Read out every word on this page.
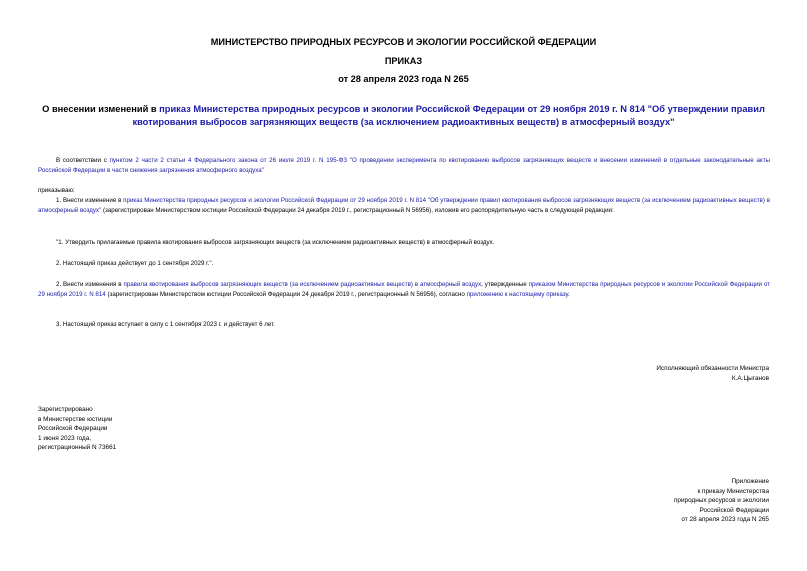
МИНИСТЕРСТВО ПРИРОДНЫХ РЕСУРСОВ И ЭКОЛОГИИ РОССИЙСКОЙ ФЕДЕРАЦИИ
ПРИКАЗ
от 28 апреля 2023 года N 265
О внесении изменений в приказ Министерства природных ресурсов и экологии Российской Федерации от 29 ноября 2019 г. N 814 "Об утверждении правил квотирования выбросов загрязняющих веществ (за исключением радиоактивных веществ) в атмосферный воздух"
В соответствии с пунктом 2 части 2 статьи 4 Федерального закона от 26 июля 2019 г. N 195-ФЗ "О проведении эксперимента по квотированию выбросов загрязняющих веществ и внесении изменений в отдельные законодательные акты Российской Федерации в части снижения загрязнения атмосферного воздуха"
приказываю:
1. Внести изменение в приказ Министерства природных ресурсов и экологии Российской Федерации от 29 ноября 2019 г. N 814 "Об утверждении правил квотирования выбросов загрязняющих веществ (за исключением радиоактивных веществ) в атмосферный воздух" (зарегистрирован Министерством юстиции Российской Федерации 24 декабря 2019 г., регистрационный N 56956), изложив его распорядительную часть в следующей редакции:
"1. Утвердить прилагаемые правила квотирования выбросов загрязняющих веществ (за исключением радиоактивных веществ) в атмосферный воздух.
2. Настоящий приказ действует до 1 сентября 2029 г.".
2. Внести изменения в правила квотирования выбросов загрязняющих веществ (за исключением радиоактивных веществ) в атмосферный воздух, утвержденные приказом Министерства природных ресурсов и экологии Российской Федерации от 29 ноября 2019 г. N 814 (зарегистрирован Министерством юстиции Российской Федерации 24 декабря 2019 г., регистрационный N 56956), согласно приложению к настоящему приказу.
3. Настоящий приказ вступает в силу с 1 сентября 2023 г. и действует 6 лет.
Исполняющий обязанности Министра
К.А.Цыганов
Зарегистрировано
в Министерстве юстиции
Российской Федерации
1 июня 2023 года,
регистрационный N 73661
Приложение
к приказу Министерства
природных ресурсов и экологии
Российской Федерации
от 28 апреля 2023 года N 265
